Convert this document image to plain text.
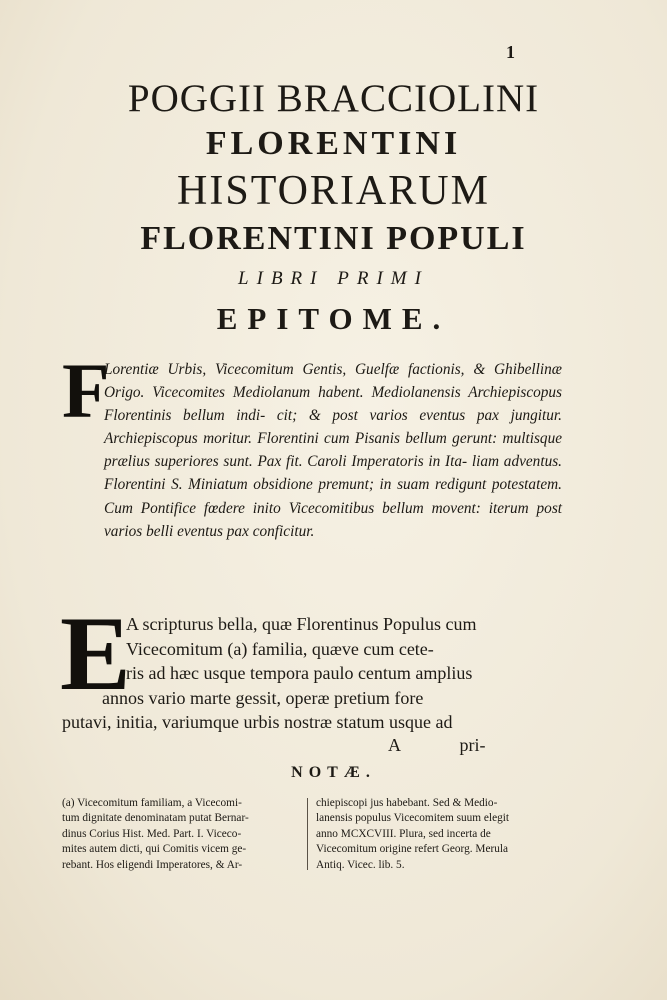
1
POGGII BRACCIOLINI
FLORENTINI
HISTORIARUM
FLORENTINI POPULI
LIBRI PRIMI
EPITOME.
F

Lorentiæ Urbis, Vicecomitum Gentis, Guelfæ factionis, & Ghibellinæ Origo. Vicecomites Mediolanum habent. Mediolanensis Archiepiscopus Florentinis bellum indi- cit; & post varios eventus pax jungitur. Archiepiscopus moritur. Florentini cum Pisanis bellum gerunt: multisque prælius superiores sunt. Pax fit. Caroli Imperatoris in Ita- liam adventus. Florentini S. Miniatum obsidione premunt; in suam redigunt potestatem. Cum Pontifice fœdere inito Vicecomitibus bellum movent: iterum post varios belli eventus pax conficitur.

E

A scripturus bella, quæ Florentinus Populus cum
Vicecomitum (a) familia, quæve cum cete-
ris ad hæc usque tempora paulo centum amplius
annos vario marte gessit, operæ pretium fore
putavi, initia, variumque urbis nostræ statum usque ad

A	pri-
NOTÆ.
(a) Vicecomitum familiam, a Vicecomi-
tum dignitate denominatam putat Bernar-
dinus Corius Hist. Med. Part. I. Viceco-
mites autem dicti, qui Comitis vicem ge-
rebant. Hos eligendi Imperatores, & Ar-
chiepiscopi jus habebant. Sed & Medio-
lanensis populus Vicecomitem suum elegit
anno MCXCVIII. Plura, sed incerta de
Vicecomitum origine refert Georg. Merula
Antiq. Vicec. lib. 5.
